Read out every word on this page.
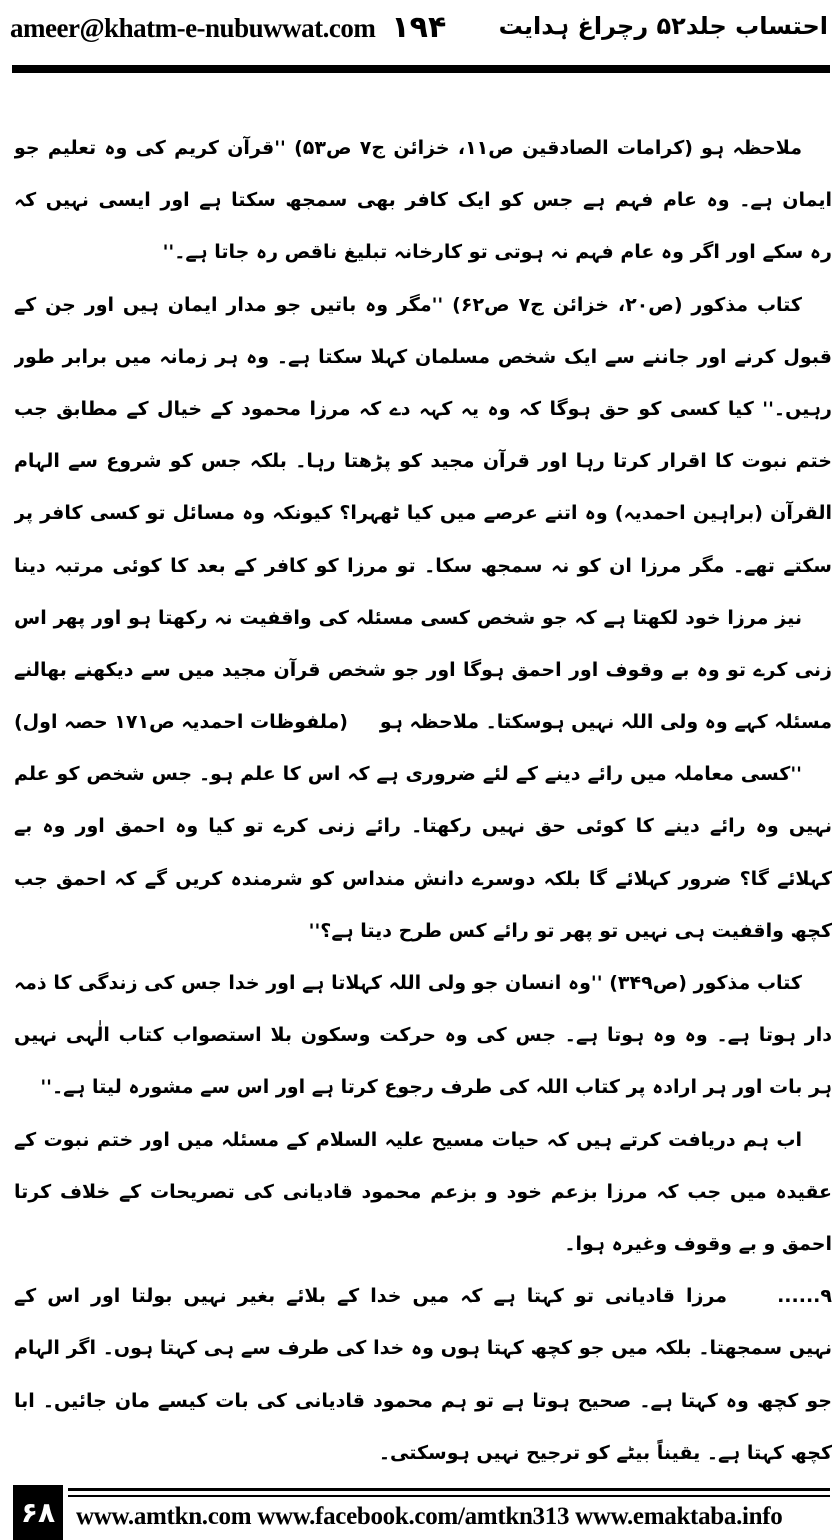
ameer@khatm-e-nubuwwat.com ۱۹۴ احتساب جلد۵۲ رچراغ ہدایت
ملاحظہ ہو (کرامات الصادقین ص۱۱، خزائن ج۷ ص۵۳) ''قرآن کریم کی وہ تعلیم جو
ایمان ہے۔ وہ عام فہم ہے جس کو ایک کافر بھی سمجھ سکتا ہے اور ایسی نہیں کہ
رہ سکے اور اگر وہ عام فہم نہ ہوتی تو کارخانہ تبلیغ ناقص رہ جاتا ہے۔''
کتاب مذکور (ص۲۰، خزائن ج۷ ص۶۲) ''مگر وہ باتیں جو مدار ایمان ہیں اور جن کے
قبول کرنے اور جاننے سے ایک شخص مسلمان کہلا سکتا ہے۔ وہ ہر زمانہ میں برابر طور
رہیں۔'' کیا کسی کو حق ہوگا کہ وہ یہ کہہ دے کہ مرزا محمود کے خیال کے مطابق جب
ختم نبوت کا اقرار کرتا رہا اور قرآن مجید کو پڑھتا رہا۔ بلکہ جس کو شروع سے الہام
القرآن (براہین احمدیہ) وہ اتنے عرصے میں کیا ٹھہرا؟ کیونکہ وہ مسائل تو کسی کافر پر
سکتے تھے۔ مگر مرزا ان کو نہ سمجھ سکا۔ تو مرزا کو کافر کے بعد کا کوئی مرتبہ دینا
نیز مرزا خود لکھتا ہے کہ جو شخص کسی مسئلہ کی واقفیت نہ رکھتا ہو اور پھر اس
زنی کرے تو وہ بے وقوف اور احمق ہوگا اور جو شخص قرآن مجید میں سے دیکھنے بھالنے
مسئلہ کہے وہ ولی اللہ نہیں ہوسکتا۔ ملاحظہ ہو
(ملفوظات احمدیہ ص۱۷۱ حصہ اول)
''کسی معاملہ میں رائے دینے کے لئے ضروری ہے کہ اس کا علم ہو۔ جس شخص کو علم
نہیں وہ رائے دینے کا کوئی حق نہیں رکھتا۔ رائے زنی کرے تو کیا وہ احمق اور وہ بے
کہلائے گا؟ ضرور کہلائے گا بلکہ دوسرے دانش منداس کو شرمندہ کریں گے کہ احمق جب
کچھ واقفیت ہی نہیں تو پھر تو رائے کس طرح دیتا ہے؟''
کتاب مذکور (ص۳۴۹) ''وہ انسان جو ولی اللہ کہلاتا ہے اور خدا جس کی زندگی کا ذمہ
دار ہوتا ہے۔ وہ وہ ہوتا ہے۔ جس کی وہ حرکت وسکون بلا استصواب کتاب الٰہی نہیں
ہر بات اور ہر ارادہ پر کتاب اللہ کی طرف رجوع کرتا ہے اور اس سے مشورہ لیتا ہے۔''
اب ہم دریافت کرتے ہیں کہ حیات مسیح علیہ السلام کے مسئلہ میں اور ختم نبوت کے
عقیدہ میں جب کہ مرزا بزعم خود و بزعم محمود قادیانی کی تصریحات کے خلاف کرتا
احمق و بے وقوف وغیرہ ہوا۔
۹......
مرزا قادیانی تو کہتا ہے کہ میں خدا کے بلائے بغیر نہیں بولتا اور اس کے
نہیں سمجھتا۔ بلکہ میں جو کچھ کہتا ہوں وہ خدا کی طرف سے ہی کہتا ہوں۔ اگر الہام
جو کچھ وہ کہتا ہے۔ صحیح ہوتا ہے تو ہم محمود قادیانی کی بات کیسے مان جائیں۔ ابا
کچھ کہتا ہے۔ یقیناً بیٹے کو ترجیح نہیں ہوسکتی۔
۶۸ www.amtkn.com www.facebook.com/amtkn313 www.emaktaba.info
